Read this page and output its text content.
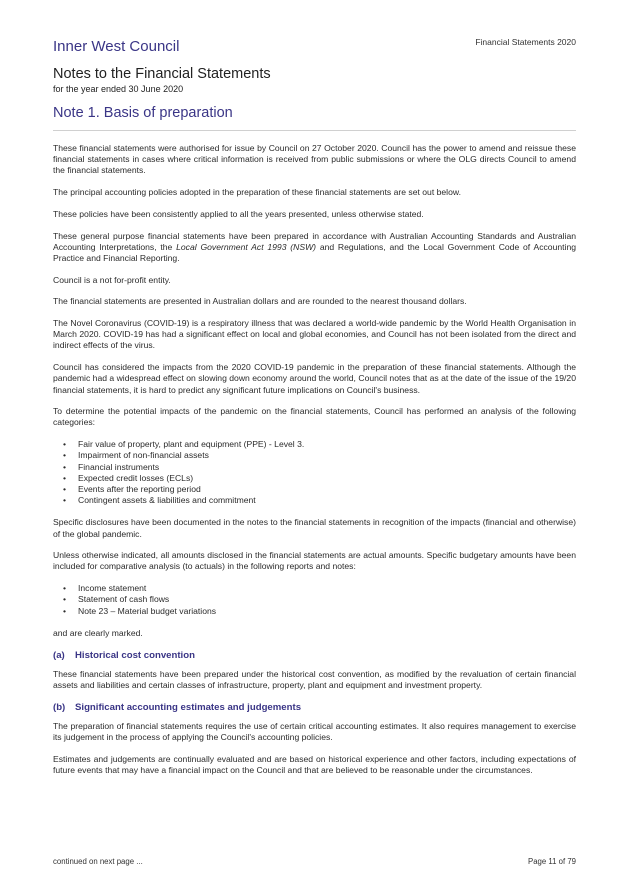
Financial Statements 2020
Inner West Council
Notes to the Financial Statements
for the year ended 30 June 2020
Note 1. Basis of preparation

These financial statements were authorised for issue by Council on 27 October 2020. Council has the power to amend and reissue these financial statements in cases where critical information is received from public submissions or where the OLG directs Council to amend the financial statements.

The principal accounting policies adopted in the preparation of these financial statements are set out below.

These policies have been consistently applied to all the years presented, unless otherwise stated.

These general purpose financial statements have been prepared in accordance with Australian Accounting Standards and Australian Accounting Interpretations, the Local Government Act 1993 (NSW) and Regulations, and the Local Government Code of Accounting Practice and Financial Reporting.

Council is a not for-profit entity.

The financial statements are presented in Australian dollars and are rounded to the nearest thousand dollars.

The Novel Coronavirus (COVID-19) is a respiratory illness that was declared a world-wide pandemic by the World Health Organisation in March 2020. COVID-19 has had a significant effect on local and global economies, and Council has not been isolated from the direct and indirect effects of the virus.

Council has considered the impacts from the 2020 COVID-19 pandemic in the preparation of these financial statements. Although the pandemic had a widespread effect on slowing down economy around the world, Council notes that as at the date of the issue of the 19/20 financial statements, it is hard to predict any significant future implications on Council's business.

To determine the potential impacts of the pandemic on the financial statements, Council has performed an analysis of the following categories:

• Fair value of property, plant and equipment (PPE) - Level 3.
• Impairment of non-financial assets
• Financial instruments
• Expected credit losses (ECLs)
• Events after the reporting period
• Contingent assets & liabilities and commitment

Specific disclosures have been documented in the notes to the financial statements in recognition of the impacts (financial and otherwise) of the global pandemic.

Unless otherwise indicated, all amounts disclosed in the financial statements are actual amounts. Specific budgetary amounts have been included for comparative analysis (to actuals) in the following reports and notes:

• Income statement
• Statement of cash flows
• Note 23 – Material budget variations

and are clearly marked.

(a) Historical cost convention

These financial statements have been prepared under the historical cost convention, as modified by the revaluation of certain financial assets and liabilities and certain classes of infrastructure, property, plant and equipment and investment property.

(b) Significant accounting estimates and judgements

The preparation of financial statements requires the use of certain critical accounting estimates. It also requires management to exercise its judgement in the process of applying the Council's accounting policies.

Estimates and judgements are continually evaluated and are based on historical experience and other factors, including expectations of future events that may have a financial impact on the Council and that are believed to be reasonable under the circumstances.

continued on next page ...	Page 11 of 79
